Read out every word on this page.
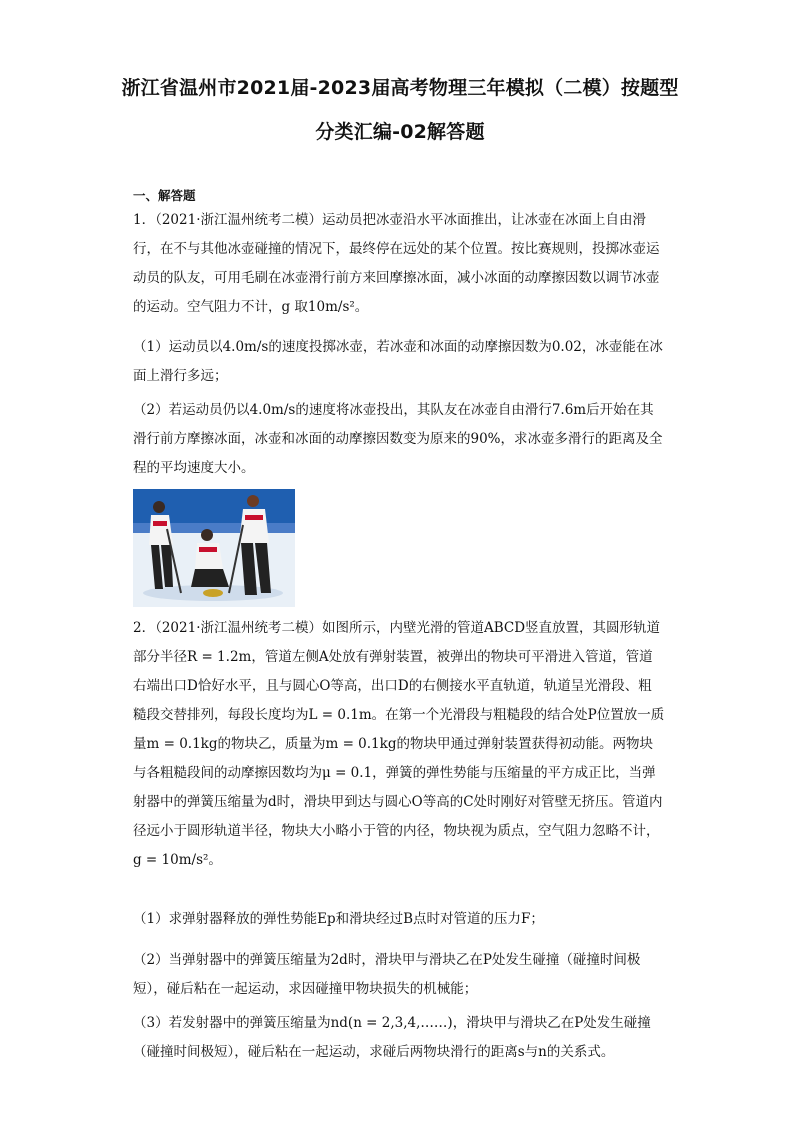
浙江省温州市2021届-2023届高考物理三年模拟（二模）按题型分类汇编-02解答题
一、解答题
1．（2021·浙江温州统考二模）运动员把冰壶沿水平冰面推出，让冰壶在冰面上自由滑行，在不与其他冰壶碰撞的情况下，最终停在远处的某个位置。按比赛规则，投掷冰壶运动员的队友，可用毛刷在冰壶滑行前方来回摩擦冰面，减小冰面的动摩擦因数以调节冰壶的运动。空气阻力不计，g 取10m/s²。
（1）运动员以4.0m/s的速度投掷冰壶，若冰壶和冰面的动摩擦因数为0.02，冰壶能在冰面上滑行多远；
（2）若运动员仍以4.0m/s的速度将冰壶投出，其队友在冰壶自由滑行7.6m后开始在其滑行前方摩擦冰面，冰壶和冰面的动摩擦因数变为原来的90%，求冰壶多滑行的距离及全程的平均速度大小。
2．（2021·浙江温州统考二模）如图所示，内壁光滑的管道ABCD竖直放置，其圆形轨道部分半径R = 1.2m，管道左侧A处放有弹射装置，被弹出的物块可平滑进入管道，管道右端出口D恰好水平，且与圆心O等高，出口D的右侧接水平直轨道，轨道呈光滑段、粗糙段交替排列，每段长度均为L = 0.1m。在第一个光滑段与粗糙段的结合处P位置放一质量m = 0.1kg的物块乙，质量为m = 0.1kg的物块甲通过弹射装置获得初动能。两物块与各粗糙段间的动摩擦因数均为μ = 0.1，弹簧的弹性势能与压缩量的平方成正比，当弹射器中的弹簧压缩量为d时，滑块甲到达与圆心O等高的C处时刚好对管壁无挤压。管道内径远小于圆形轨道半径，物块大小略小于管的内径，物块视为质点，空气阻力忽略不计，g = 10m/s²。
（1）求弹射器释放的弹性势能Ep和滑块经过B点时对管道的压力F；
（2）当弹射器中的弹簧压缩量为2d时，滑块甲与滑块乙在P处发生碰撞（碰撞时间极短），碰后粘在一起运动，求因碰撞甲物块损失的机械能；
（3）若发射器中的弹簧压缩量为nd(n = 2,3,4,……)，滑块甲与滑块乙在P处发生碰撞（碰撞时间极短），碰后粘在一起运动，求碰后两物块滑行的距离s与n的关系式。
